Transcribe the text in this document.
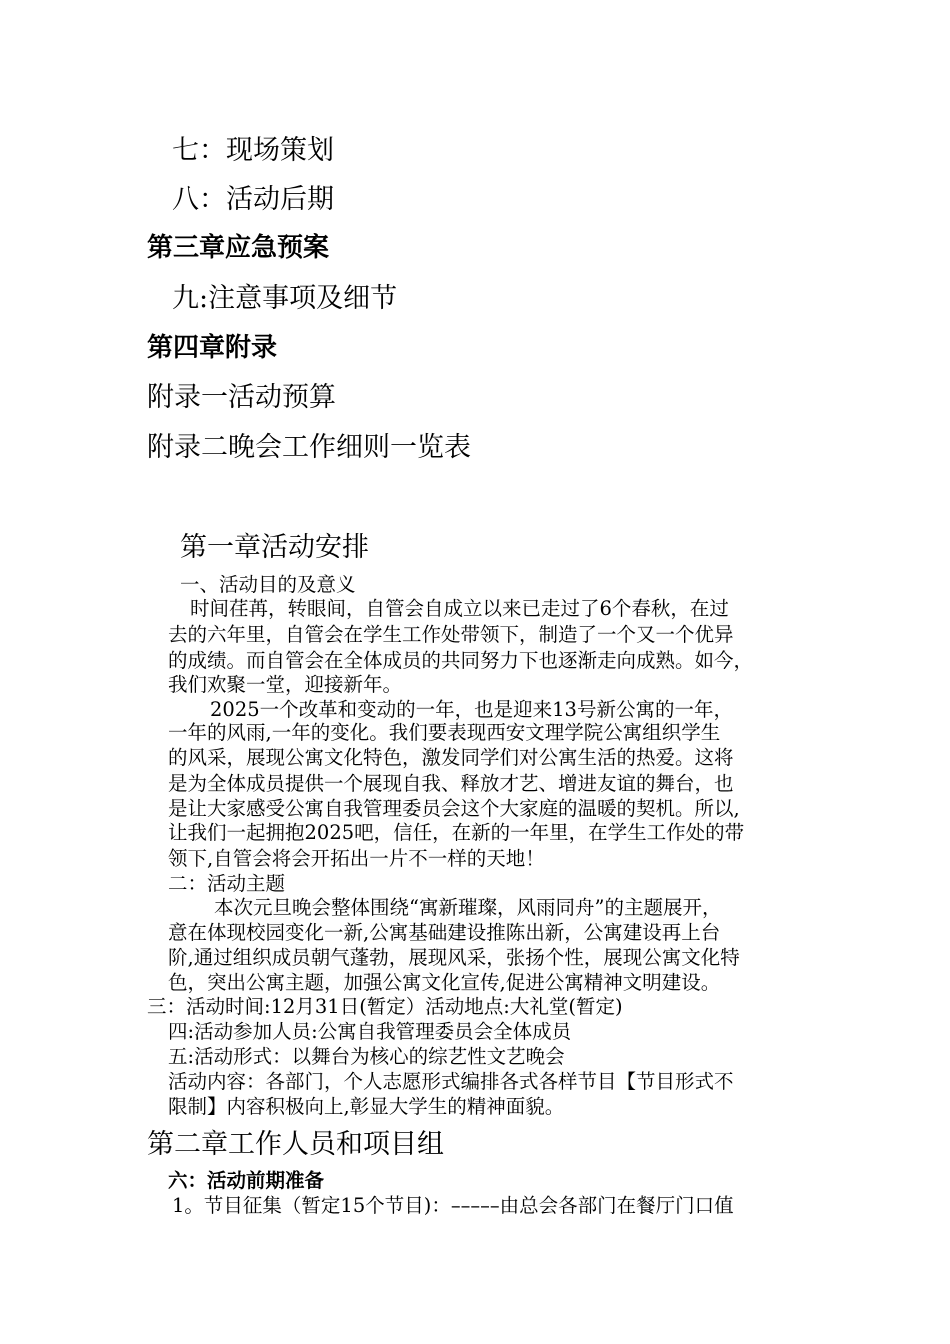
七：现场策划
八：活动后期
第三章应急预案
九:注意事项及细节
第四章附录
附录一活动预算
附录二晚会工作细则一览表
第一章活动安排
一、活动目的及意义
时间荏苒，转眼间，自管会自成立以来已走过了6个春秋，在过
去的六年里，自管会在学生工作处带领下，制造了一个又一个优异
的成绩。而自管会在全体成员的共同努力下也逐渐走向成熟。如今，
我们欢聚一堂，迎接新年。
2025一个改革和变动的一年，也是迎来13号新公寓的一年，
一年的风雨,一年的变化。我们要表现西安文理学院公寓组织学生
的风采，展现公寓文化特色，激发同学们对公寓生活的热爱。这将
是为全体成员提供一个展现自我、释放才艺、增进友谊的舞台，也
是让大家感受公寓自我管理委员会这个大家庭的温暖的契机。所以,
让我们一起拥抱2025吧，信任，在新的一年里，在学生工作处的带
领下,自管会将会开拓出一片不一样的天地！
二：活动主题
本次元旦晚会整体围绕“寓新璀璨，风雨同舟”的主题展开，
意在体现校园变化一新,公寓基础建设推陈出新，公寓建设再上台
阶,通过组织成员朝气蓬勃，展现风采，张扬个性，展现公寓文化特
色，突出公寓主题，加强公寓文化宣传,促进公寓精神文明建设。
三：活动时间:12月31日(暂定）活动地点:大礼堂(暂定)
四:活动参加人员:公寓自我管理委员会全体成员
五:活动形式：以舞台为核心的综艺性文艺晚会
活动内容：各部门，个人志愿形式编排各式各样节目【节目形式不
限制】内容积极向上,彰显大学生的精神面貌。
第二章工作人员和项目组
六：活动前期准备
1。节目征集（暂定15个节目)：–––––由总会各部门在餐厅门口值
